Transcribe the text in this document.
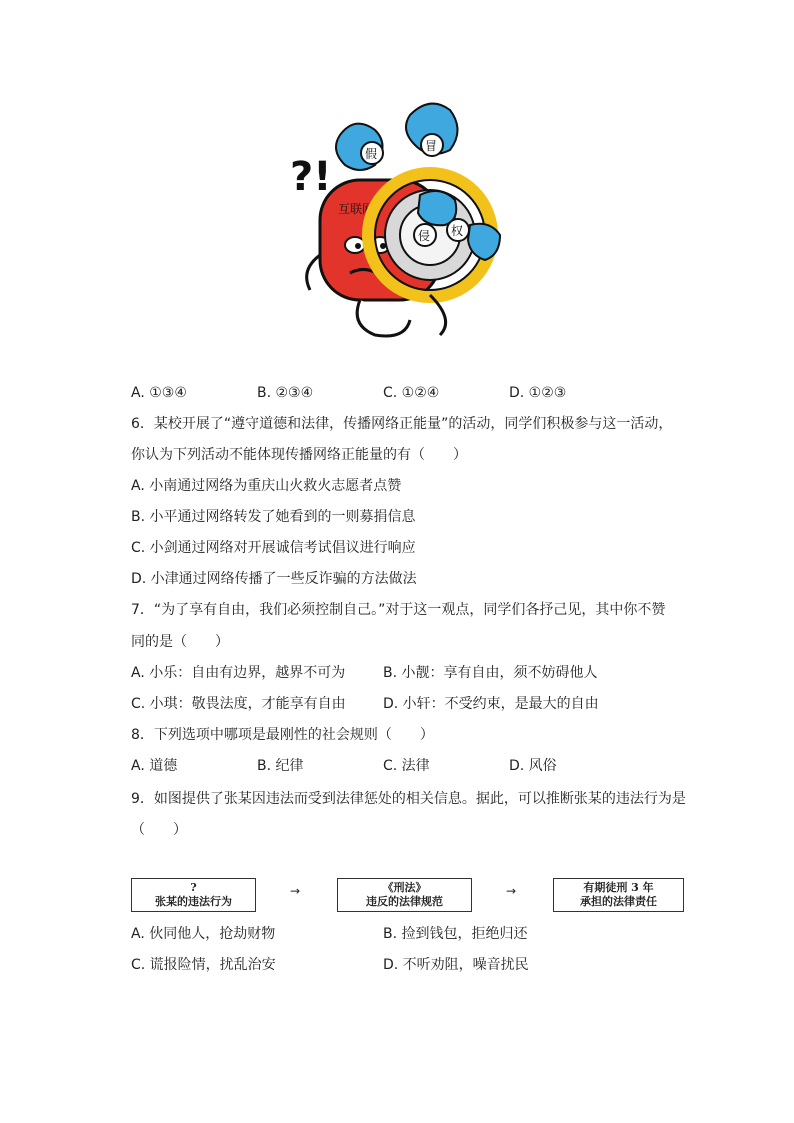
?!
互联网
假
冒
侵 权
A. ①③④	B. ②③④	C. ①②④	D. ①②③
6．某校开展了“遵守道德和法律，传播网络正能量”的活动，同学们积极参与这一活动，
你认为下列活动不能体现传播网络正能量的有（　　）
A. 小南通过网络为重庆山火救火志愿者点赞
B. 小平通过网络转发了她看到的一则募捐信息
C. 小剑通过网络对开展诚信考试倡议进行响应
D. 小津通过网络传播了一些反诈骗的方法做法
7．“为了享有自由，我们必须控制自己。”对于这一观点，同学们各抒己见，其中你不赞
同的是（　　）
A. 小乐：自由有边界，越界不可为	B. 小靓：享有自由，须不妨碍他人
C. 小琪：敬畏法度，才能享有自由	D. 小轩：不受约束，是最大的自由
8．下列选项中哪项是最刚性的社会规则（　　）
A. 道德	B. 纪律	C. 法律	D. 风俗
9．如图提供了张某因违法而受到法律惩处的相关信息。据此，可以推断张某的违法行为是
（　　）
?
张某的违法行为
→	《刑法》
违反的法律规范
→	有期徒刑 3 年
承担的法律责任
A. 伙同他人，抢劫财物	B. 捡到钱包，拒绝归还
C. 谎报险情，扰乱治安	D. 不听劝阻，噪音扰民
